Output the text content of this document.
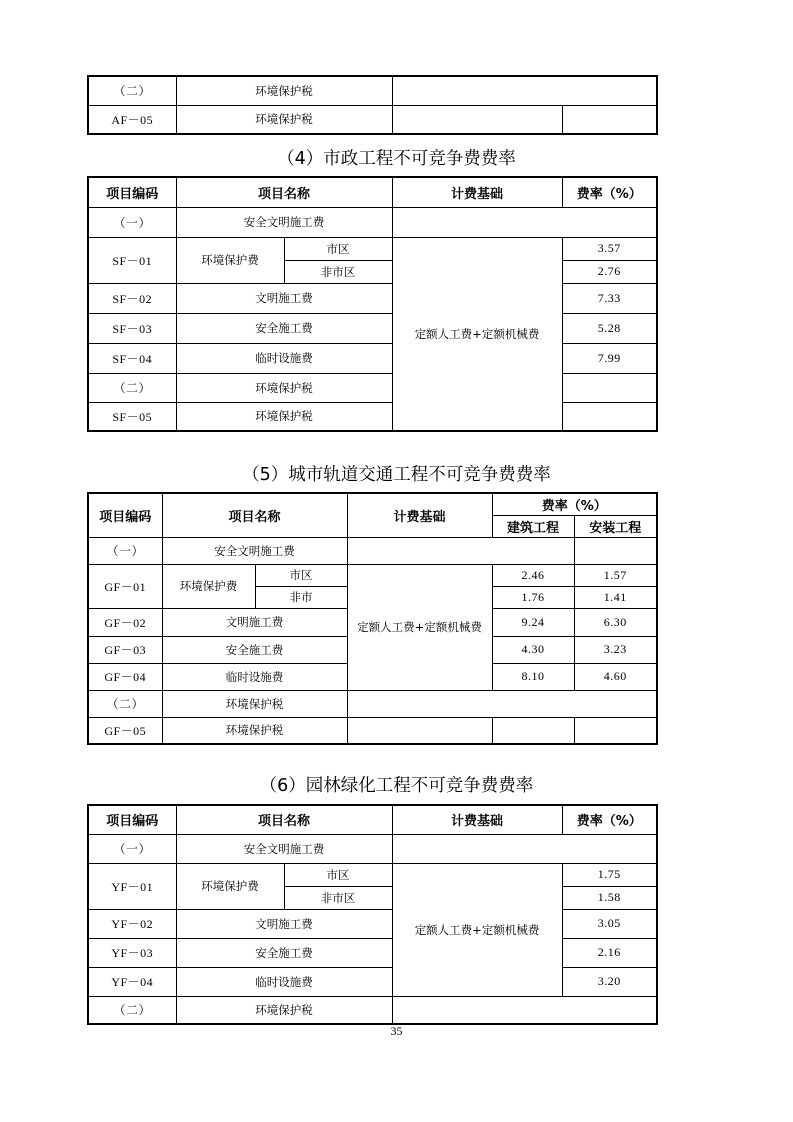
（二）	环境保护税		
AF－05	环境保护税		
（4）市政工程不可竞争费费率
项目编码	项目名称		计费基础	费率（%）
（一）	安全文明施工费			
SF－01	环境保护费	市区	定额人工费+定额机械费	3.57
		非市区		2.76
SF－02	文明施工费			7.33
SF－03	安全施工费			5.28
SF－04	临时设施费			7.99
（二）	环境保护税			
SF－05	环境保护税			
（5）城市轨道交通工程不可竞争费费率
项目编码	项目名称		计费基础	费率（%）	
				建筑工程	安装工程
（一）	安全文明施工费				
GF－01	环境保护费	市区	定额人工费+定额机械费	2.46	1.57
		非市		1.76	1.41
GF－02	文明施工费			9.24	6.30
GF－03	安全施工费			4.30	3.23
GF－04	临时设施费			8.10	4.60
（二）	环境保护税				
GF－05	环境保护税				
（6）园林绿化工程不可竞争费费率
项目编码	项目名称		计费基础	费率（%）
（一）	安全文明施工费			
YF－01	环境保护费	市区	定额人工费+定额机械费	1.75
		非市区		1.58
YF－02	文明施工费			3.05
YF－03	安全施工费			2.16
YF－04	临时设施费			3.20
（二）	环境保护税			
35
